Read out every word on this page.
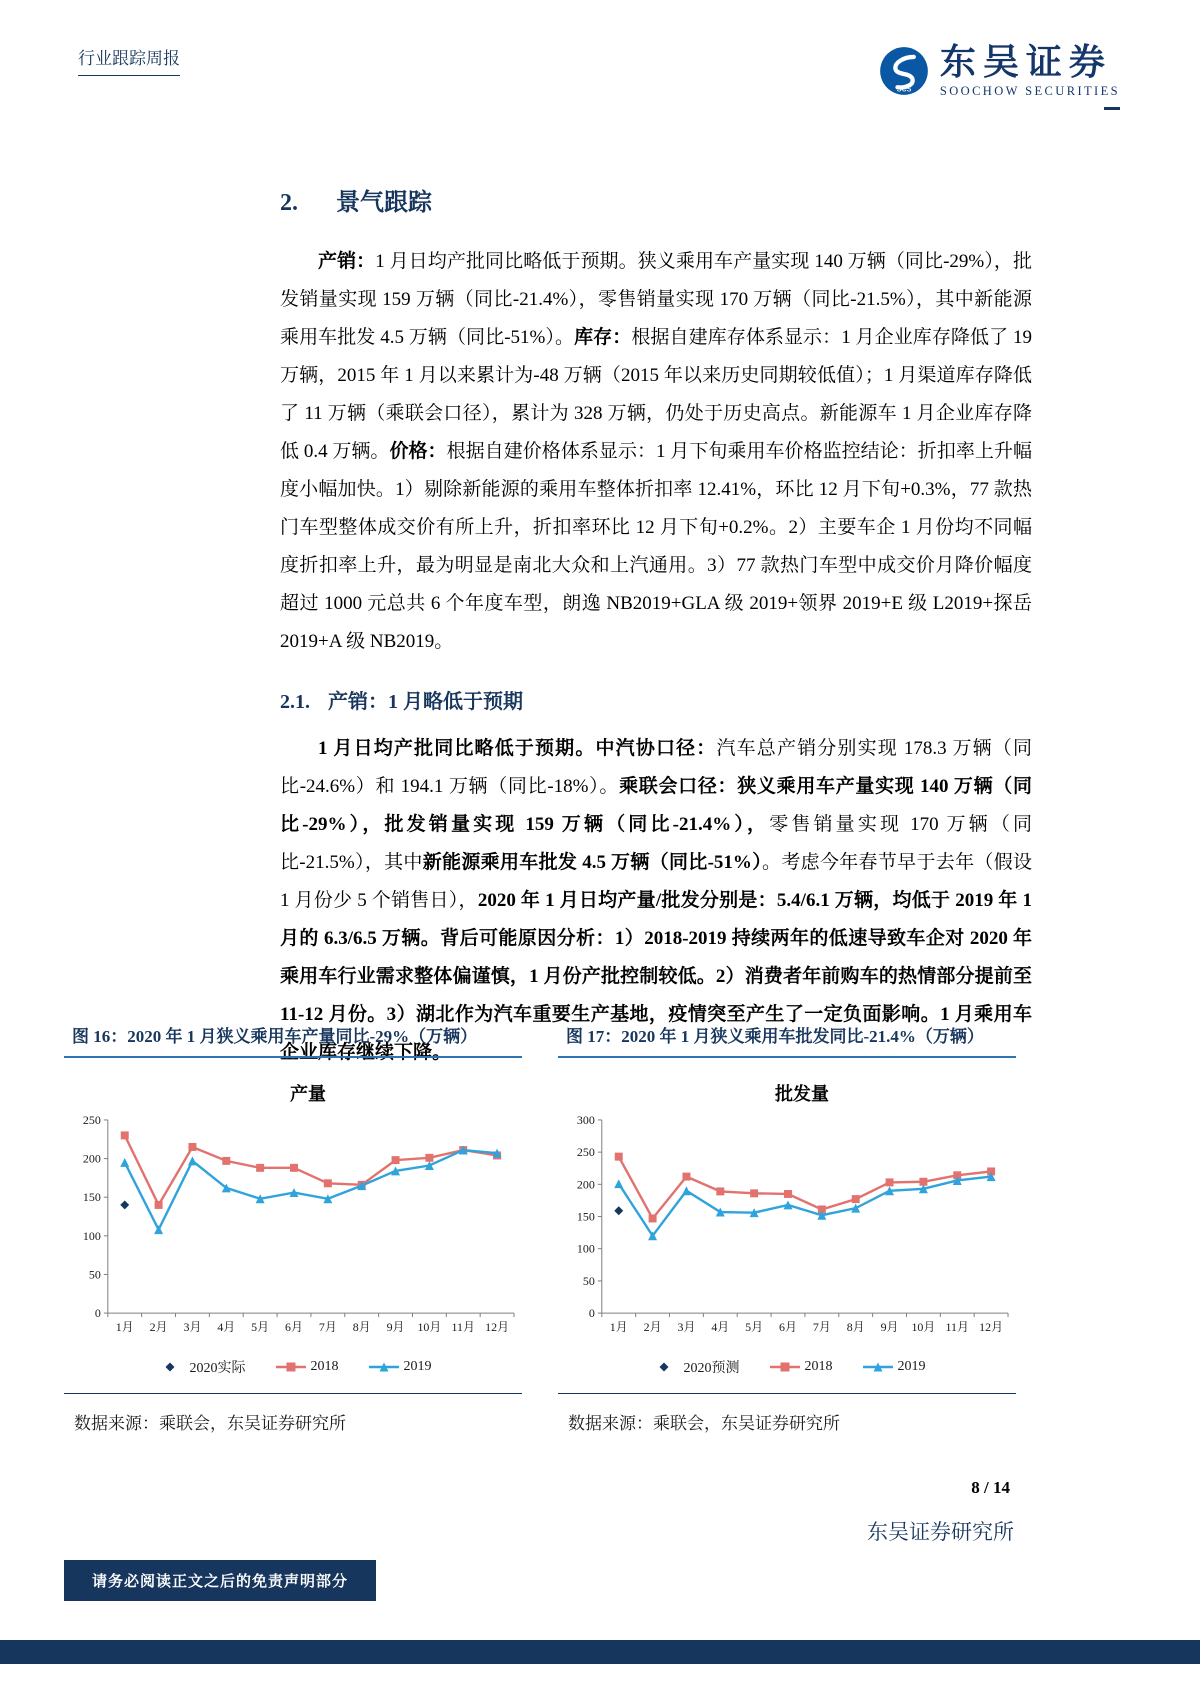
行业跟踪周报
scs
东吴证券
SOOCHOW SECURITIES
2. 景气跟踪
产销：1 月日均产批同比略低于预期。狭义乘用车产量实现 140 万辆（同比-29%），批发销量实现 159 万辆（同比-21.4%），零售销量实现 170 万辆（同比-21.5%），其中新能源乘用车批发 4.5 万辆（同比-51%）。库存：根据自建库存体系显示：1 月企业库存降低了 19 万辆，2015 年 1 月以来累计为-48 万辆（2015 年以来历史同期较低值）；1 月渠道库存降低了 11 万辆（乘联会口径），累计为 328 万辆，仍处于历史高点。新能源车 1 月企业库存降低 0.4 万辆。价格：根据自建价格体系显示：1 月下旬乘用车价格监控结论：折扣率上升幅度小幅加快。1）剔除新能源的乘用车整体折扣率 12.41%，环比 12 月下旬+0.3%，77 款热门车型整体成交价有所上升，折扣率环比 12 月下旬+0.2%。2）主要车企 1 月份均不同幅度折扣率上升，最为明显是南北大众和上汽通用。3）77 款热门车型中成交价月降价幅度超过 1000 元总共 6 个年度车型，朗逸 NB2019+GLA 级 2019+领界 2019+E 级 L2019+探岳 2019+A 级 NB2019。
2.1. 产销：1 月略低于预期
1 月日均产批同比略低于预期。中汽协口径：汽车总产销分别实现 178.3 万辆（同比-24.6%）和 194.1 万辆（同比-18%）。乘联会口径：狭义乘用车产量实现 140 万辆（同比-29%），批发销量实现 159 万辆（同比-21.4%），零售销量实现 170 万辆（同比-21.5%），其中新能源乘用车批发 4.5 万辆（同比-51%）。考虑今年春节早于去年（假设 1 月份少 5 个销售日），2020 年 1 月日均产量/批发分别是：5.4/6.1 万辆，均低于 2019 年 1 月的 6.3/6.5 万辆。背后可能原因分析：1）2018-2019 持续两年的低速导致车企对 2020 年乘用车行业需求整体偏谨慎，1 月份产批控制较低。2）消费者年前购车的热情部分提前至 11-12 月份。3）湖北作为汽车重要生产基地，疫情突至产生了一定负面影响。1 月乘用车企业库存继续下降。
图 16：2020 年 1 月狭义乘用车产量同比-29%（万辆）
产量
0
50
100
150
200
250
1月 2月 3月 4月 5月 6月 7月 8月 9月 10月 11月 12月
2020实际	2018	2019
数据来源：乘联会，东吴证券研究所
图 17：2020 年 1 月狭义乘用车批发同比-21.4%（万辆）
批发量
0
50
100
150
200
250
300
1月 2月 3月 4月 5月 6月 7月 8月 9月 10月 11月 12月
2020预测	2018	2019
数据来源：乘联会，东吴证券研究所
8 / 14
东吴证券研究所
请务必阅读正文之后的免责声明部分
